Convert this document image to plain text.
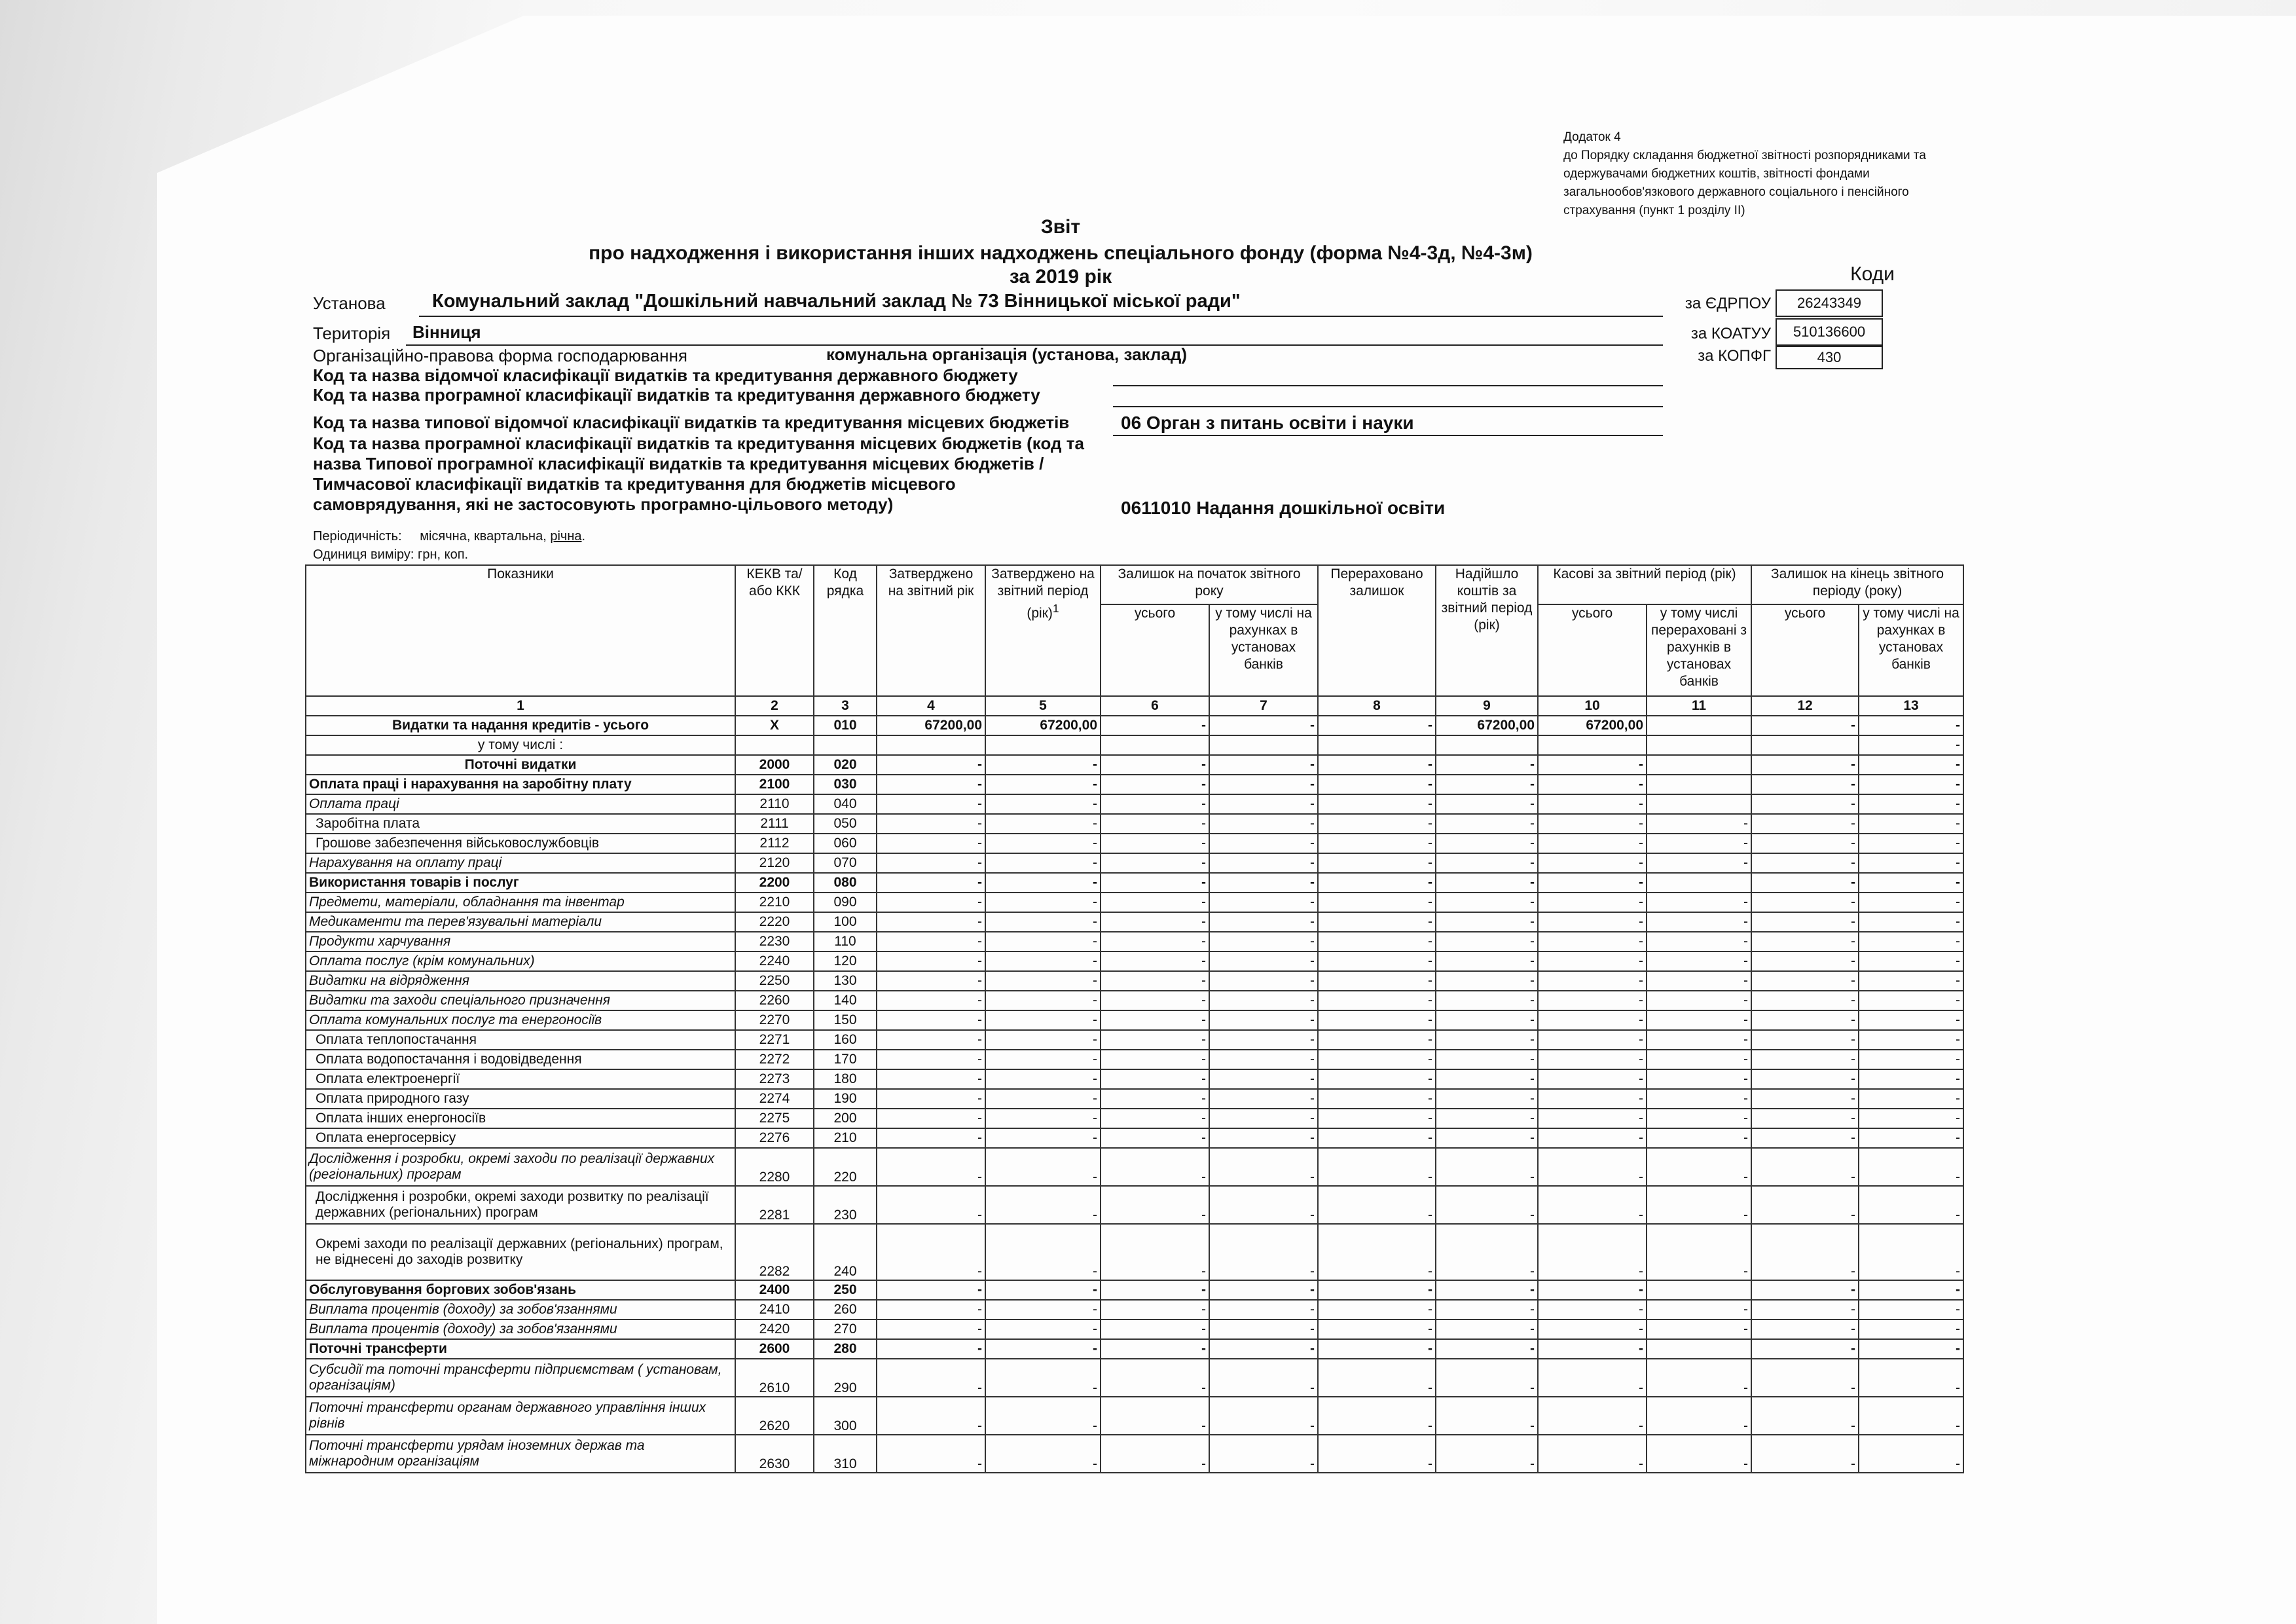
Додаток 4
до Порядку складання бюджетної звітності розпорядниками та
одержувачами бюджетних коштів, звітності фондами
загальнообов'язкового державного соціального і пенсійного
страхування (пункт 1 розділу II)
Звіт
про надходження і використання інших надходжень спеціального фонду (форма №4-3д, №4-3м)
за 2019 рік	Коди
Установа Комунальний заклад "Дошкільний навчальний заклад № 73 Вінницької міської ради"	за ЄДРПОУ	26243349
Територія Вінниця	за КОАТУУ	510136600
Організаційно-правова форма господарювання	комунальна організація (установа, заклад)	за КОПФГ	430
Код та назва відомчої класифікації видатків та кредитування державного бюджету
Код та назва програмної класифікації видатків та кредитування державного бюджету
Код та назва типової відомчої класифікації видатків та кредитування місцевих бюджетів	06 Орган з питань освіти і науки
Код та назва програмної класифікації видатків та кредитування місцевих бюджетів (код та
назва Типової програмної класифікації видатків та кредитування місцевих бюджетів /
Тимчасової класифікації видатків та кредитування для бюджетів місцевого
самоврядування, які не застосовують програмно-цільового методу)	0611010 Надання дошкільної освіти
Періодичність: місячна, квартальна, річна.
Одиниця виміру: грн, коп.
Показники	КЕКВ та/або ККК	Код рядка	Затверджено на звітний рік	Затверджено на звітний період (рік)$^1$	Залишок на початок звітного року		Перераховано залишок	Надійшло коштів за звітний період (рік)	Касові за звітний період (рік)		Залишок на кінець звітного періоду (року)	
					усього	у тому числі на рахунках в установах банків			усього	у тому числі перераховані з рахунків в установах банків	усього	у тому числі на рахунках в установах банків
1	2	3	4	5	6	7	8	9	10	11	12	13
Видатки та надання кредитів - усього	Х	010	67200,00	67200,00	-	-	-	67200,00	67200,00		-	-
у тому числі :												-
Поточні видатки	2000	020	-	-	-	-	-	-	-		-	-
Оплата праці і нарахування на заробітну плату	2100	030	-	-	-	-	-	-	-		-	-
Оплата праці	2110	040	-	-	-	-	-	-	-		-	-
Заробітна плата	2111	050	-	-	-	-	-	-	-	-	-	-
Грошове забезпечення військовослужбовців	2112	060	-	-	-	-	-	-	-	-	-	-
Нарахування на оплату праці	2120	070	-	-	-	-	-	-	-	-	-	-
Використання товарів і послуг	2200	080	-	-	-	-	-	-	-		-	-
Предмети, матеріали, обладнання та інвентар	2210	090	-	-	-	-	-	-	-	-	-	-
Медикаменти та перев'язувальні матеріали	2220	100	-	-	-	-	-	-	-	-	-	-
Продукти харчування	2230	110	-	-	-	-	-	-	-	-	-	-
Оплата послуг (крім комунальних)	2240	120	-	-	-	-	-	-	-	-	-	-
Видатки на відрядження	2250	130	-	-	-	-	-	-	-	-	-	-
Видатки та заходи спеціального призначення	2260	140	-	-	-	-	-	-	-	-	-	-
Оплата комунальних послуг та енергоносіїв	2270	150	-	-	-	-	-	-	-	-	-	-
Оплата теплопостачання	2271	160	-	-	-	-	-	-	-	-	-	-
Оплата водопостачання і водовідведення	2272	170	-	-	-	-	-	-	-	-	-	-
Оплата електроенергії	2273	180	-	-	-	-	-	-	-	-	-	-
Оплата природного газу	2274	190	-	-	-	-	-	-	-	-	-	-
Оплата інших енергоносіїв	2275	200	-	-	-	-	-	-	-	-	-	-
Оплата енергосервісу	2276	210	-	-	-	-	-	-	-	-	-	-
Дослідження і розробки, окремі заходи по реалізації державних (регіональних) програм	2280	220	-	-	-	-	-	-	-	-	-	-
Дослідження і розробки, окремі заходи розвитку по реалізації державних (регіональних) програм	2281	230	-	-	-	-	-	-	-	-	-	-
Окремі заходи по реалізації державних (регіональних) програм, не віднесені до заходів розвитку	2282	240	-	-	-	-	-	-	-	-	-	-
Обслуговування боргових зобов'язань	2400	250	-	-	-	-	-	-	-		-	-
Виплата процентів (доходу) за зобов'язаннями	2410	260	-	-	-	-	-	-	-	-	-	-
Виплата процентів (доходу) за зобов'язаннями	2420	270	-	-	-	-	-	-	-	-	-	-
Поточні трансферти	2600	280	-	-	-	-	-	-	-		-	-
Субсидії та поточні трансферти підприємствам ( установам, організаціям)	2610	290	-	-	-	-	-	-	-	-	-	-
Поточні трансферти органам державного управління інших рівнів	2620	300	-	-	-	-	-	-	-	-	-	-
Поточні трансферти урядам іноземних держав та міжнародним організаціям	2630	310	-	-	-	-	-	-	-	-	-	-
